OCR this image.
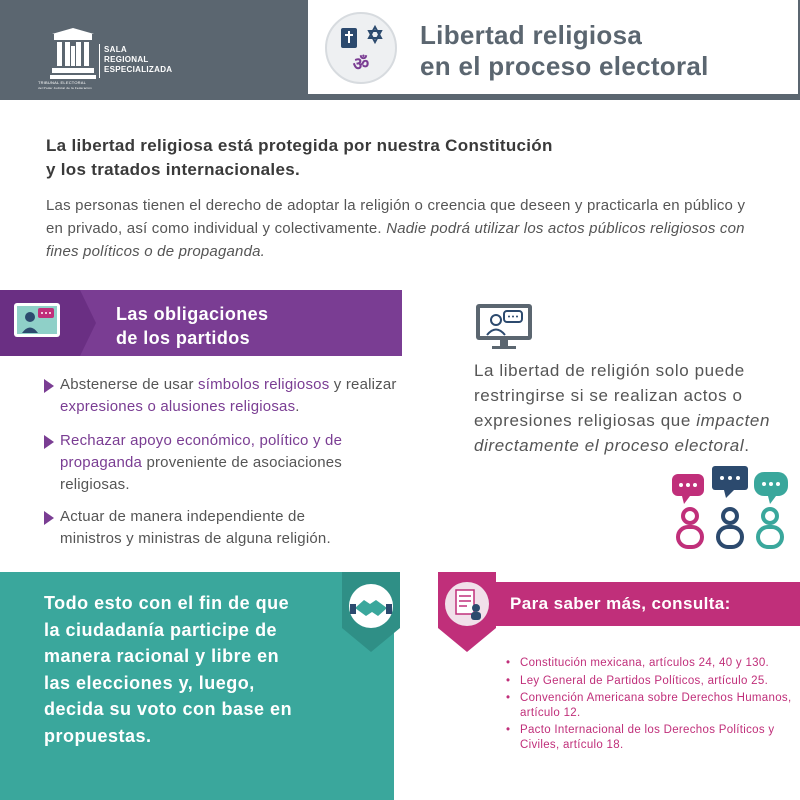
SALA
REGIONAL
ESPECIALIZADA
TRIBUNAL ELECTORAL
del Poder Judicial de la Federación
ॐ
Libertad religiosa
en el proceso electoral
La libertad religiosa está protegida por nuestra Constitución
y los tratados internacionales.
Las personas tienen el derecho de adoptar la religión o creencia que deseen y practicarla en público y en privado, así como individual y colectivamente. Nadie podrá utilizar los actos públicos religiosos con fines políticos o de propaganda.
Las obligaciones
de los partidos
Abstenerse de usar símbolos religiosos y realizar expresiones o alusiones religiosas.
Rechazar apoyo económico, político y de propaganda proveniente de asociaciones religiosas.
Actuar de manera independiente de ministros y ministras de alguna religión.
La libertad de religión solo puede restringirse si se realizan actos o expresiones religiosas que impacten directamente el proceso electoral.
Todo esto con el fin de que la ciudadanía participe de manera racional y libre en las elecciones y, luego, decida su voto con base en propuestas.
Para saber más, consulta:
• Constitución mexicana, artículos 24, 40 y 130.
• Ley General de Partidos Políticos, artículo 25.
• Convención Americana sobre Derechos Humanos, artículo 12.
• Pacto Internacional de los Derechos Políticos y Civiles, artículo 18.
